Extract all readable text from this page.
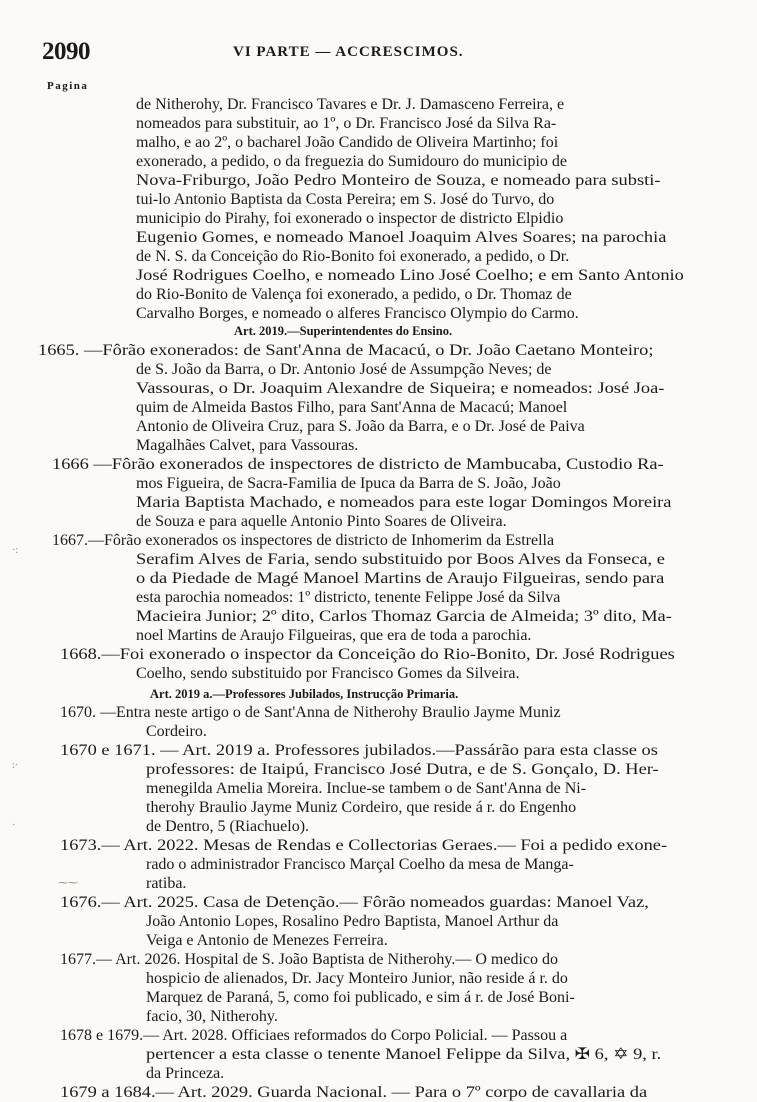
2090	VI PARTE — ACCRESCIMOS.
Pagina
de Nitherohy, Dr. Francisco Tavares e Dr. J. Damasceno Ferreira, e
nomeados para substituir, ao 1º, o Dr. Francisco José da Silva Ra-
malho, e ao 2º, o bacharel João Candido de Oliveira Martinho; foi
exonerado, a pedido, o da freguezia do Sumidouro do municipio de
Nova-Friburgo, João Pedro Monteiro de Souza, e nomeado para substi-
tui-lo Antonio Baptista da Costa Pereira; em S. José do Turvo, do
municipio do Pirahy, foi exonerado o inspector de districto Elpidio
Eugenio Gomes, e nomeado Manoel Joaquim Alves Soares; na parochia
de N. S. da Conceição do Rio-Bonito foi exonerado, a pedido, o Dr.
José Rodrigues Coelho, e nomeado Lino José Coelho; e em Santo Antonio
do Rio-Bonito de Valença foi exonerado, a pedido, o Dr. Thomaz de
Carvalho Borges, e nomeado o alferes Francisco Olympio do Carmo.
Art. 2019.—Superintendentes do Ensino.
1665. —Fôrão exonerados: de Sant'Anna de Macacú, o Dr. João Caetano Monteiro;
de S. João da Barra, o Dr. Antonio José de Assumpção Neves; de
Vassouras, o Dr. Joaquim Alexandre de Siqueira; e nomeados: José Joa-
quim de Almeida Bastos Filho, para Sant'Anna de Macacú; Manoel
Antonio de Oliveira Cruz, para S. João da Barra, e o Dr. José de Paiva
Magalhães Calvet, para Vassouras.
1666 —Fôrão exonerados de inspectores de districto de Mambucaba, Custodio Ra-
mos Figueira, de Sacra-Familia de Ipuca da Barra de S. João, João
Maria Baptista Machado, e nomeados para este logar Domingos Moreira
de Souza e para aquelle Antonio Pinto Soares de Oliveira.
1667.—Fôrão exonerados os inspectores de districto de Inhomerim da Estrella
Serafim Alves de Faria, sendo substituido por Boos Alves da Fonseca, e
o da Piedade de Magé Manoel Martins de Araujo Filgueiras, sendo para
esta parochia nomeados: 1º districto, tenente Felippe José da Silva
Macieira Junior; 2º dito, Carlos Thomaz Garcia de Almeida; 3º dito, Ma-
noel Martins de Araujo Filgueiras, que era de toda a parochia.
1668.—Foi exonerado o inspector da Conceição do Rio-Bonito, Dr. José Rodrigues
Coelho, sendo substituido por Francisco Gomes da Silveira.
Art. 2019 a.—Professores Jubilados, Instrucção Primaria.
1670. —Entra neste artigo o de Sant'Anna de Nitherohy Braulio Jayme Muniz
Cordeiro.
1670 e 1671. — Art. 2019 a. Professores jubilados.—Passárão para esta classe os
professores: de Itaipú, Francisco José Dutra, e de S. Gonçalo, D. Her-
menegilda Amelia Moreira. Inclue-se tambem o de Sant'Anna de Ni-
therohy Braulio Jayme Muniz Cordeiro, que reside á r. do Engenho
de Dentro, 5 (Riachuelo).
1673.— Art. 2022. Mesas de Rendas e Collectorias Geraes.— Foi a pedido exone-
rado o administrador Francisco Marçal Coelho da mesa de Manga-
ratiba.
1676.— Art. 2025. Casa de Detenção.— Fôrão nomeados guardas: Manoel Vaz,
João Antonio Lopes, Rosalino Pedro Baptista, Manoel Arthur da
Veiga e Antonio de Menezes Ferreira.
1677.— Art. 2026. Hospital de S. João Baptista de Nitherohy.— O medico do
hospicio de alienados, Dr. Jacy Monteiro Junior, não reside á r. do
Marquez de Paraná, 5, como foi publicado, e sim á r. de José Boni-
facio, 30, Nitherohy.
1678 e 1679.— Art. 2028. Officiaes reformados do Corpo Policial. — Passou a
pertencer a esta classe o tenente Manoel Felippe da Silva, ✠ 6, ✡ 9, r.
da Princeza.
1679 a 1684.— Art. 2029. Guarda Nacional. — Para o 7º corpo de cavallaria da
·:
:·
·
⁓⁓
